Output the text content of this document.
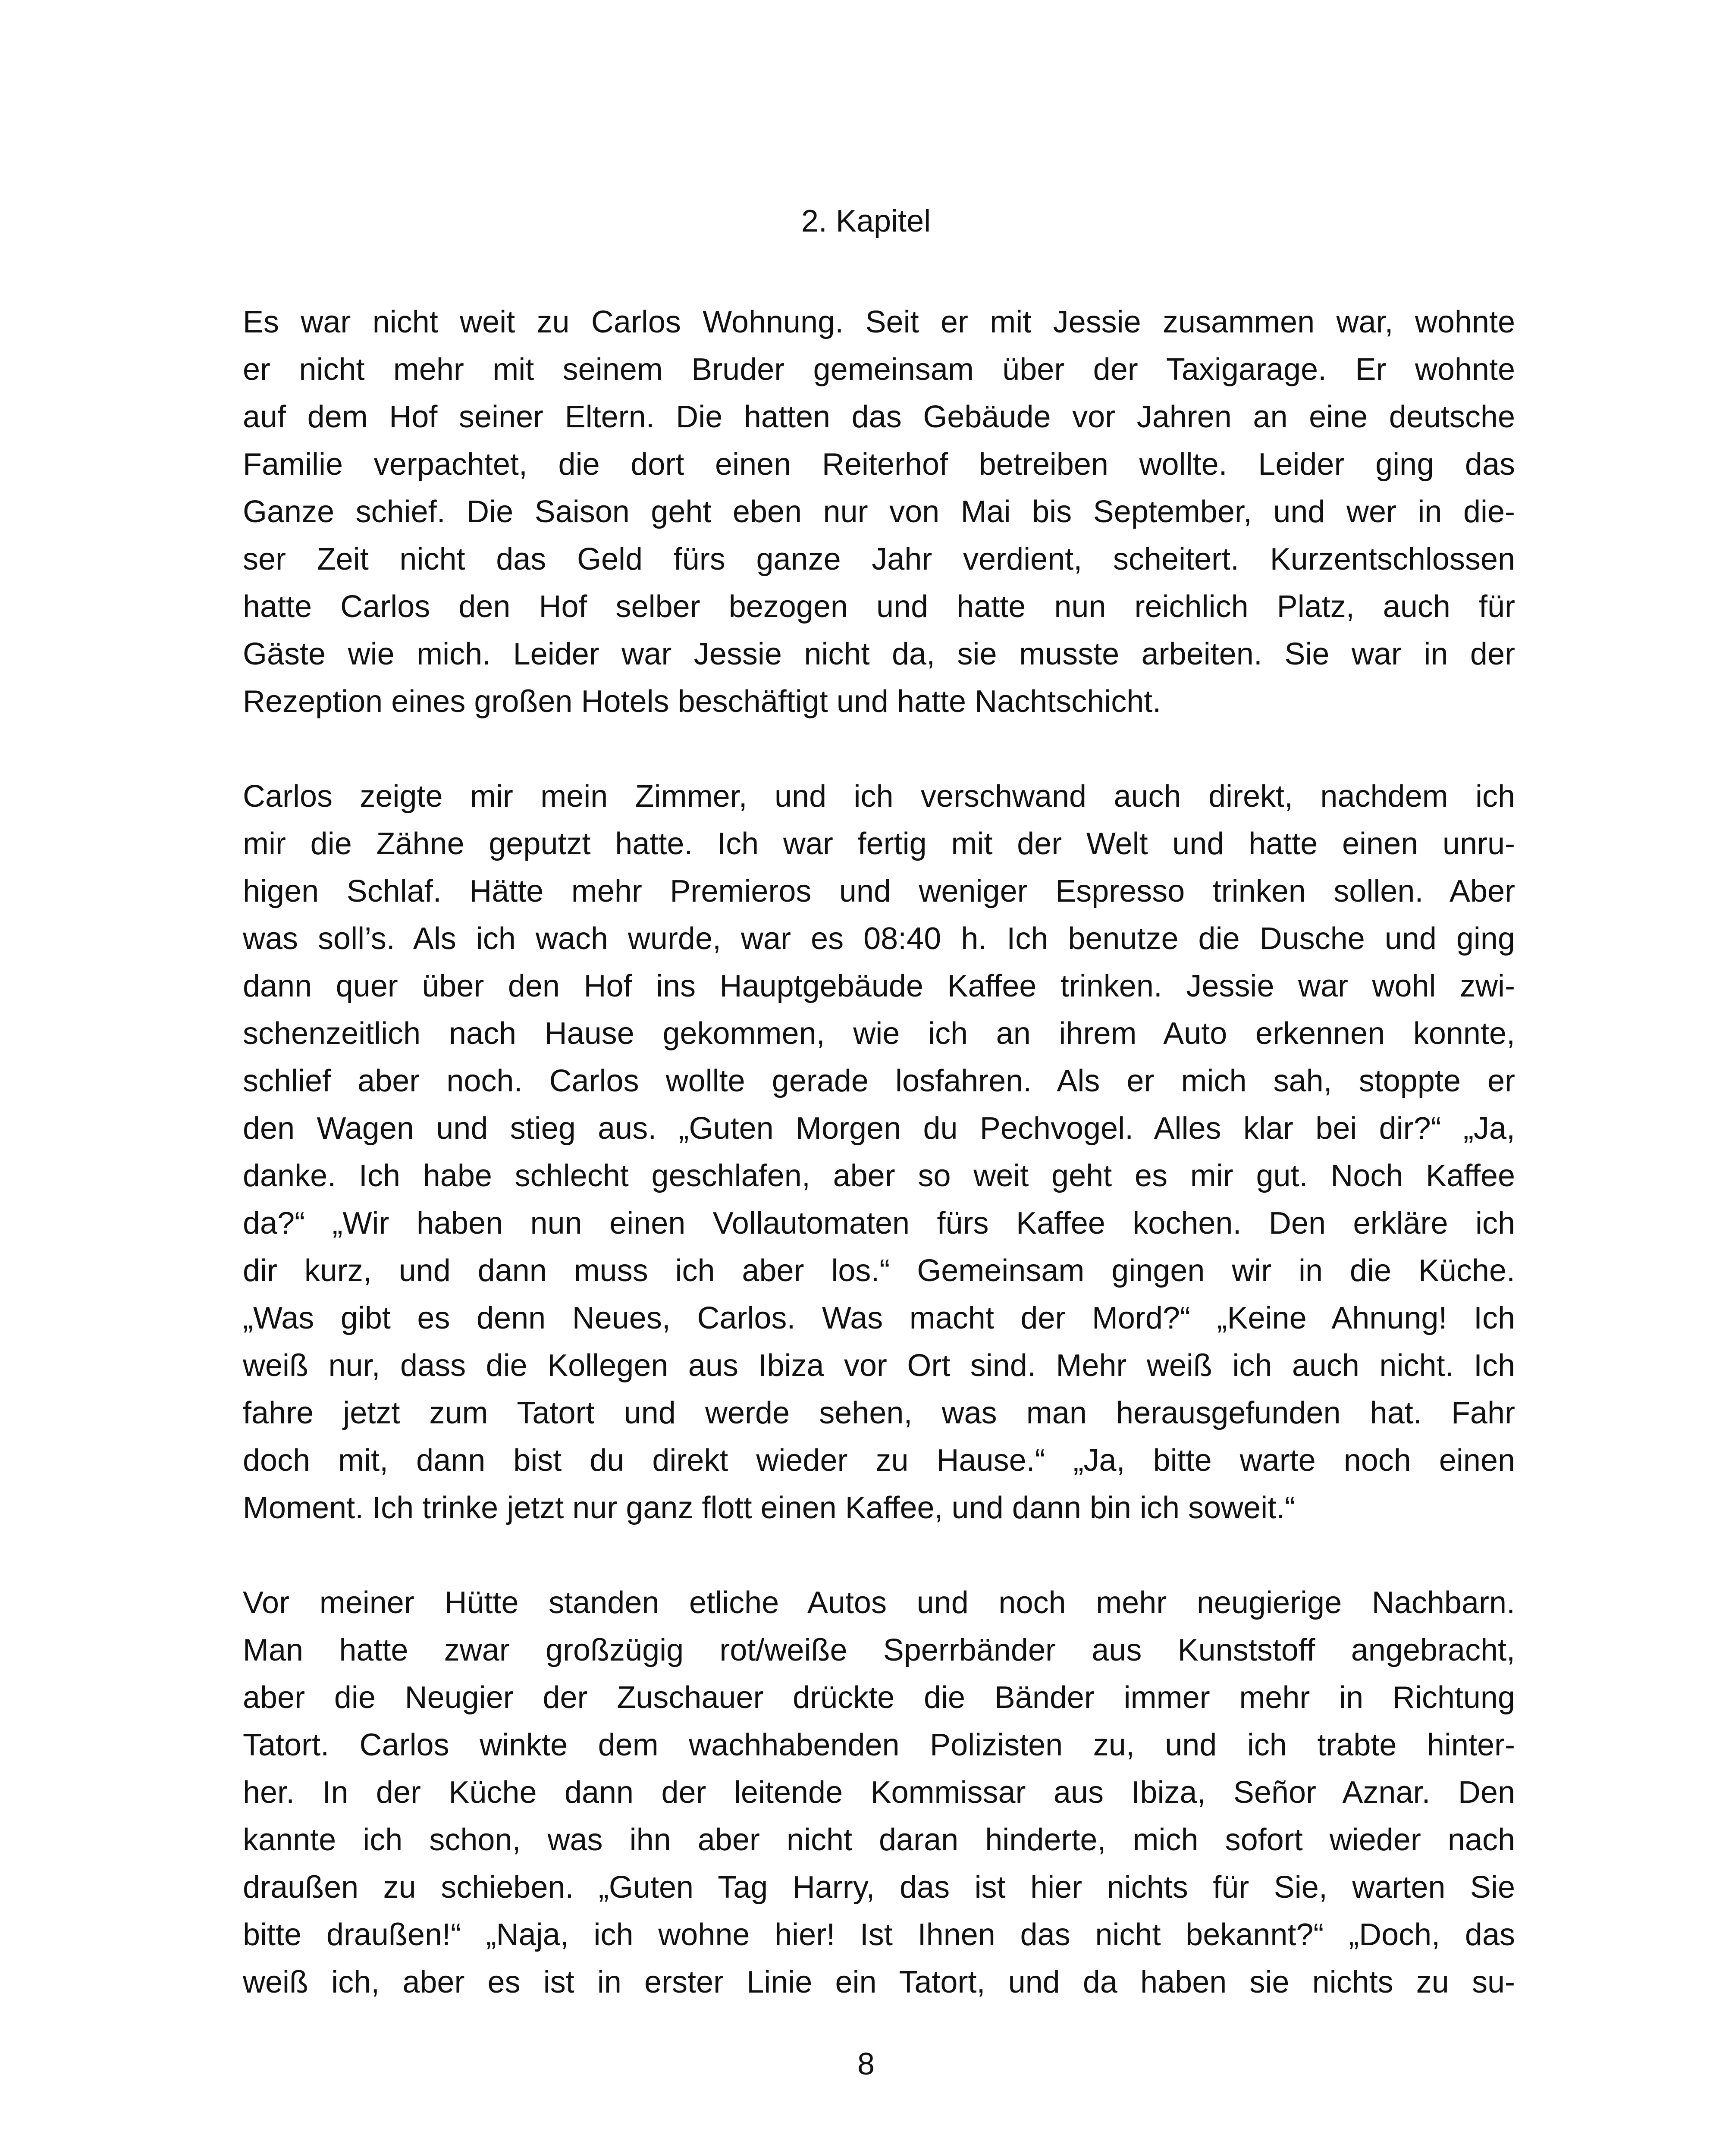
2. Kapitel
Es war nicht weit zu Carlos Wohnung. Seit er mit Jessie zusammen war, wohnte
er nicht mehr mit seinem Bruder gemeinsam über der Taxigarage. Er wohnte
auf dem Hof seiner Eltern. Die hatten das Gebäude vor Jahren an eine deutsche
Familie verpachtet, die dort einen Reiterhof betreiben wollte. Leider ging das
Ganze schief. Die Saison geht eben nur von Mai bis September, und wer in die-
ser Zeit nicht das Geld fürs ganze Jahr verdient, scheitert. Kurzentschlossen
hatte Carlos den Hof selber bezogen und hatte nun reichlich Platz, auch für
Gäste wie mich. Leider war Jessie nicht da, sie musste arbeiten. Sie war in der
Rezeption eines großen Hotels beschäftigt und hatte Nachtschicht.
Carlos zeigte mir mein Zimmer, und ich verschwand auch direkt, nachdem ich
mir die Zähne geputzt hatte. Ich war fertig mit der Welt und hatte einen unru-
higen Schlaf. Hätte mehr Premieros und weniger Espresso trinken sollen. Aber
was soll’s. Als ich wach wurde, war es 08:40 h. Ich benutze die Dusche und ging
dann quer über den Hof ins Hauptgebäude Kaffee trinken. Jessie war wohl zwi-
schenzeitlich nach Hause gekommen, wie ich an ihrem Auto erkennen konnte,
schlief aber noch. Carlos wollte gerade losfahren. Als er mich sah, stoppte er
den Wagen und stieg aus. „Guten Morgen du Pechvogel. Alles klar bei dir?“ „Ja,
danke. Ich habe schlecht geschlafen, aber so weit geht es mir gut. Noch Kaffee
da?“ „Wir haben nun einen Vollautomaten fürs Kaffee kochen. Den erkläre ich
dir kurz, und dann muss ich aber los.“ Gemeinsam gingen wir in die Küche.
„Was gibt es denn Neues, Carlos. Was macht der Mord?“ „Keine Ahnung! Ich
weiß nur, dass die Kollegen aus Ibiza vor Ort sind. Mehr weiß ich auch nicht. Ich
fahre jetzt zum Tatort und werde sehen, was man herausgefunden hat. Fahr
doch mit, dann bist du direkt wieder zu Hause.“ „Ja, bitte warte noch einen
Moment. Ich trinke jetzt nur ganz flott einen Kaffee, und dann bin ich soweit.“
Vor meiner Hütte standen etliche Autos und noch mehr neugierige Nachbarn.
Man hatte zwar großzügig rot/weiße Sperrbänder aus Kunststoff angebracht,
aber die Neugier der Zuschauer drückte die Bänder immer mehr in Richtung
Tatort. Carlos winkte dem wachhabenden Polizisten zu, und ich trabte hinter-
her. In der Küche dann der leitende Kommissar aus Ibiza, Señor Aznar. Den
kannte ich schon, was ihn aber nicht daran hinderte, mich sofort wieder nach
draußen zu schieben. „Guten Tag Harry, das ist hier nichts für Sie, warten Sie
bitte draußen!“ „Naja, ich wohne hier! Ist Ihnen das nicht bekannt?“ „Doch, das
weiß ich, aber es ist in erster Linie ein Tatort, und da haben sie nichts zu su-
8
